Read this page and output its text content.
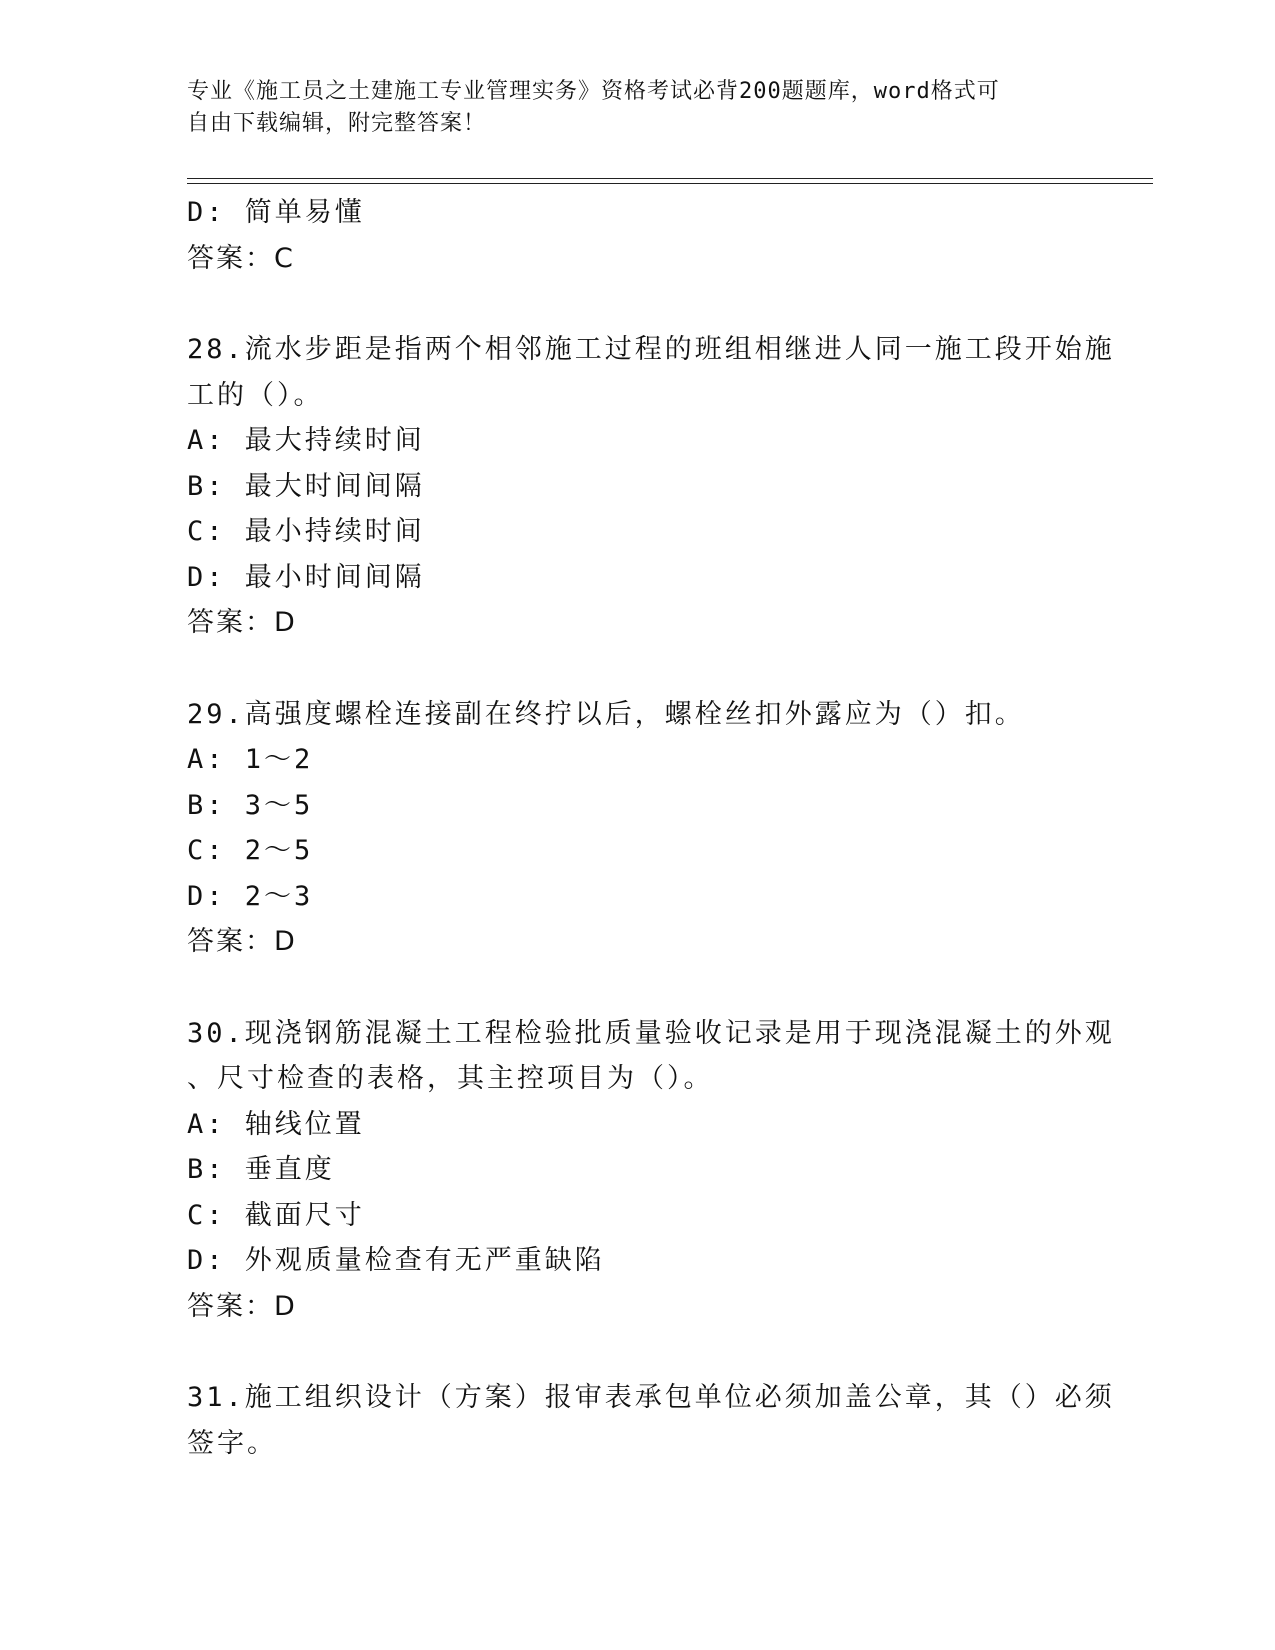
专业《施工员之土建施工专业管理实务》资格考试必背200题题库，word格式可
自由下载编辑，附完整答案！
D: 简单易懂
答案：C
28.流水步距是指两个相邻施工过程的班组相继进人同一施工段开始施
工的（）。
A: 最大持续时间
B: 最大时间间隔
C: 最小持续时间
D: 最小时间间隔
答案：D
29.高强度螺栓连接副在终拧以后，螺栓丝扣外露应为（）扣。
A: 1～2
B: 3～5
C: 2～5
D: 2～3
答案：D
30.现浇钢筋混凝土工程检验批质量验收记录是用于现浇混凝土的外观
、尺寸检查的表格，其主控项目为（）。
A: 轴线位置
B: 垂直度
C: 截面尺寸
D: 外观质量检查有无严重缺陷
答案：D
31.施工组织设计（方案）报审表承包单位必须加盖公章，其（）必须
签字。
